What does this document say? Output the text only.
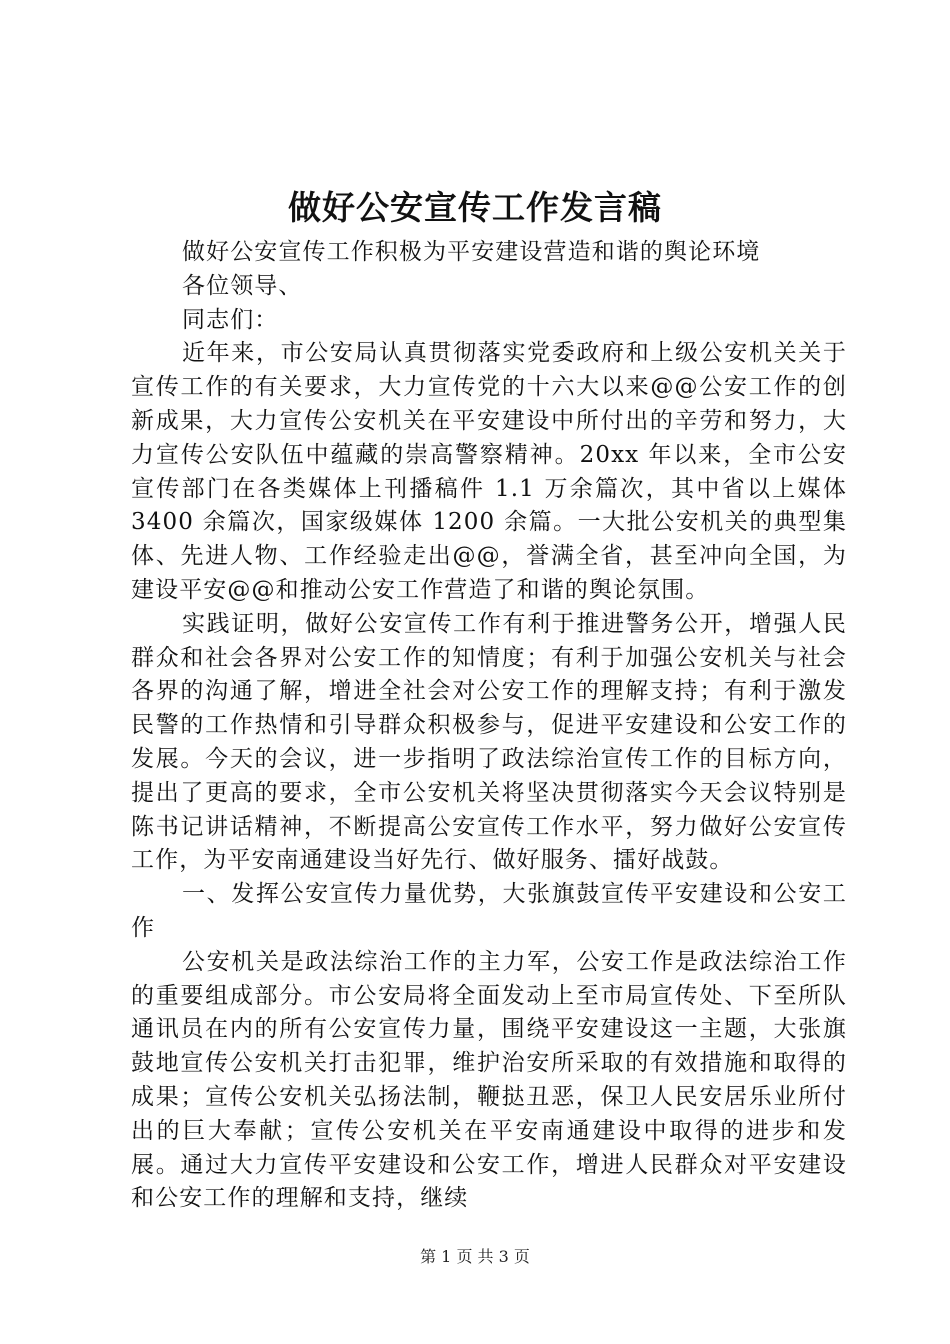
做好公安宣传工作发言稿

做好公安宣传工作积极为平安建设营造和谐的舆论环境

各位领导、

同志们：

近年来，市公安局认真贯彻落实党委政府和上级公安机关关于宣传工作的有关要求，大力宣传党的十六大以来@@公安工作的创新成果，大力宣传公安机关在平安建设中所付出的辛劳和努力，大力宣传公安队伍中蕴藏的崇高警察精神。20xx 年以来，全市公安宣传部门在各类媒体上刊播稿件 1.1 万余篇次，其中省以上媒体 3400 余篇次，国家级媒体 1200 余篇。一大批公安机关的典型集体、先进人物、工作经验走出@@，誉满全省，甚至冲向全国，为建设平安@@和推动公安工作营造了和谐的舆论氛围。

实践证明，做好公安宣传工作有利于推进警务公开，增强人民群众和社会各界对公安工作的知情度；有利于加强公安机关与社会各界的沟通了解，增进全社会对公安工作的理解支持；有利于激发民警的工作热情和引导群众积极参与，促进平安建设和公安工作的发展。今天的会议，进一步指明了政法综治宣传工作的目标方向，提出了更高的要求，全市公安机关将坚决贯彻落实今天会议特别是陈书记讲话精神，不断提高公安宣传工作水平，努力做好公安宣传工作，为平安南通建设当好先行、做好服务、擂好战鼓。

一、发挥公安宣传力量优势，大张旗鼓宣传平安建设和公安工作

公安机关是政法综治工作的主力军，公安工作是政法综治工作的重要组成部分。市公安局将全面发动上至市局宣传处、下至所队通讯员在内的所有公安宣传力量，围绕平安建设这一主题，大张旗鼓地宣传公安机关打击犯罪，维护治安所采取的有效措施和取得的成果；宣传公安机关弘扬法制，鞭挞丑恶，保卫人民安居乐业所付出的巨大奉献；宣传公安机关在平安南通建设中取得的进步和发展。通过大力宣传平安建设和公安工作，增进人民群众对平安建设和公安工作的理解和支持，继续

第 1 页 共 3 页
